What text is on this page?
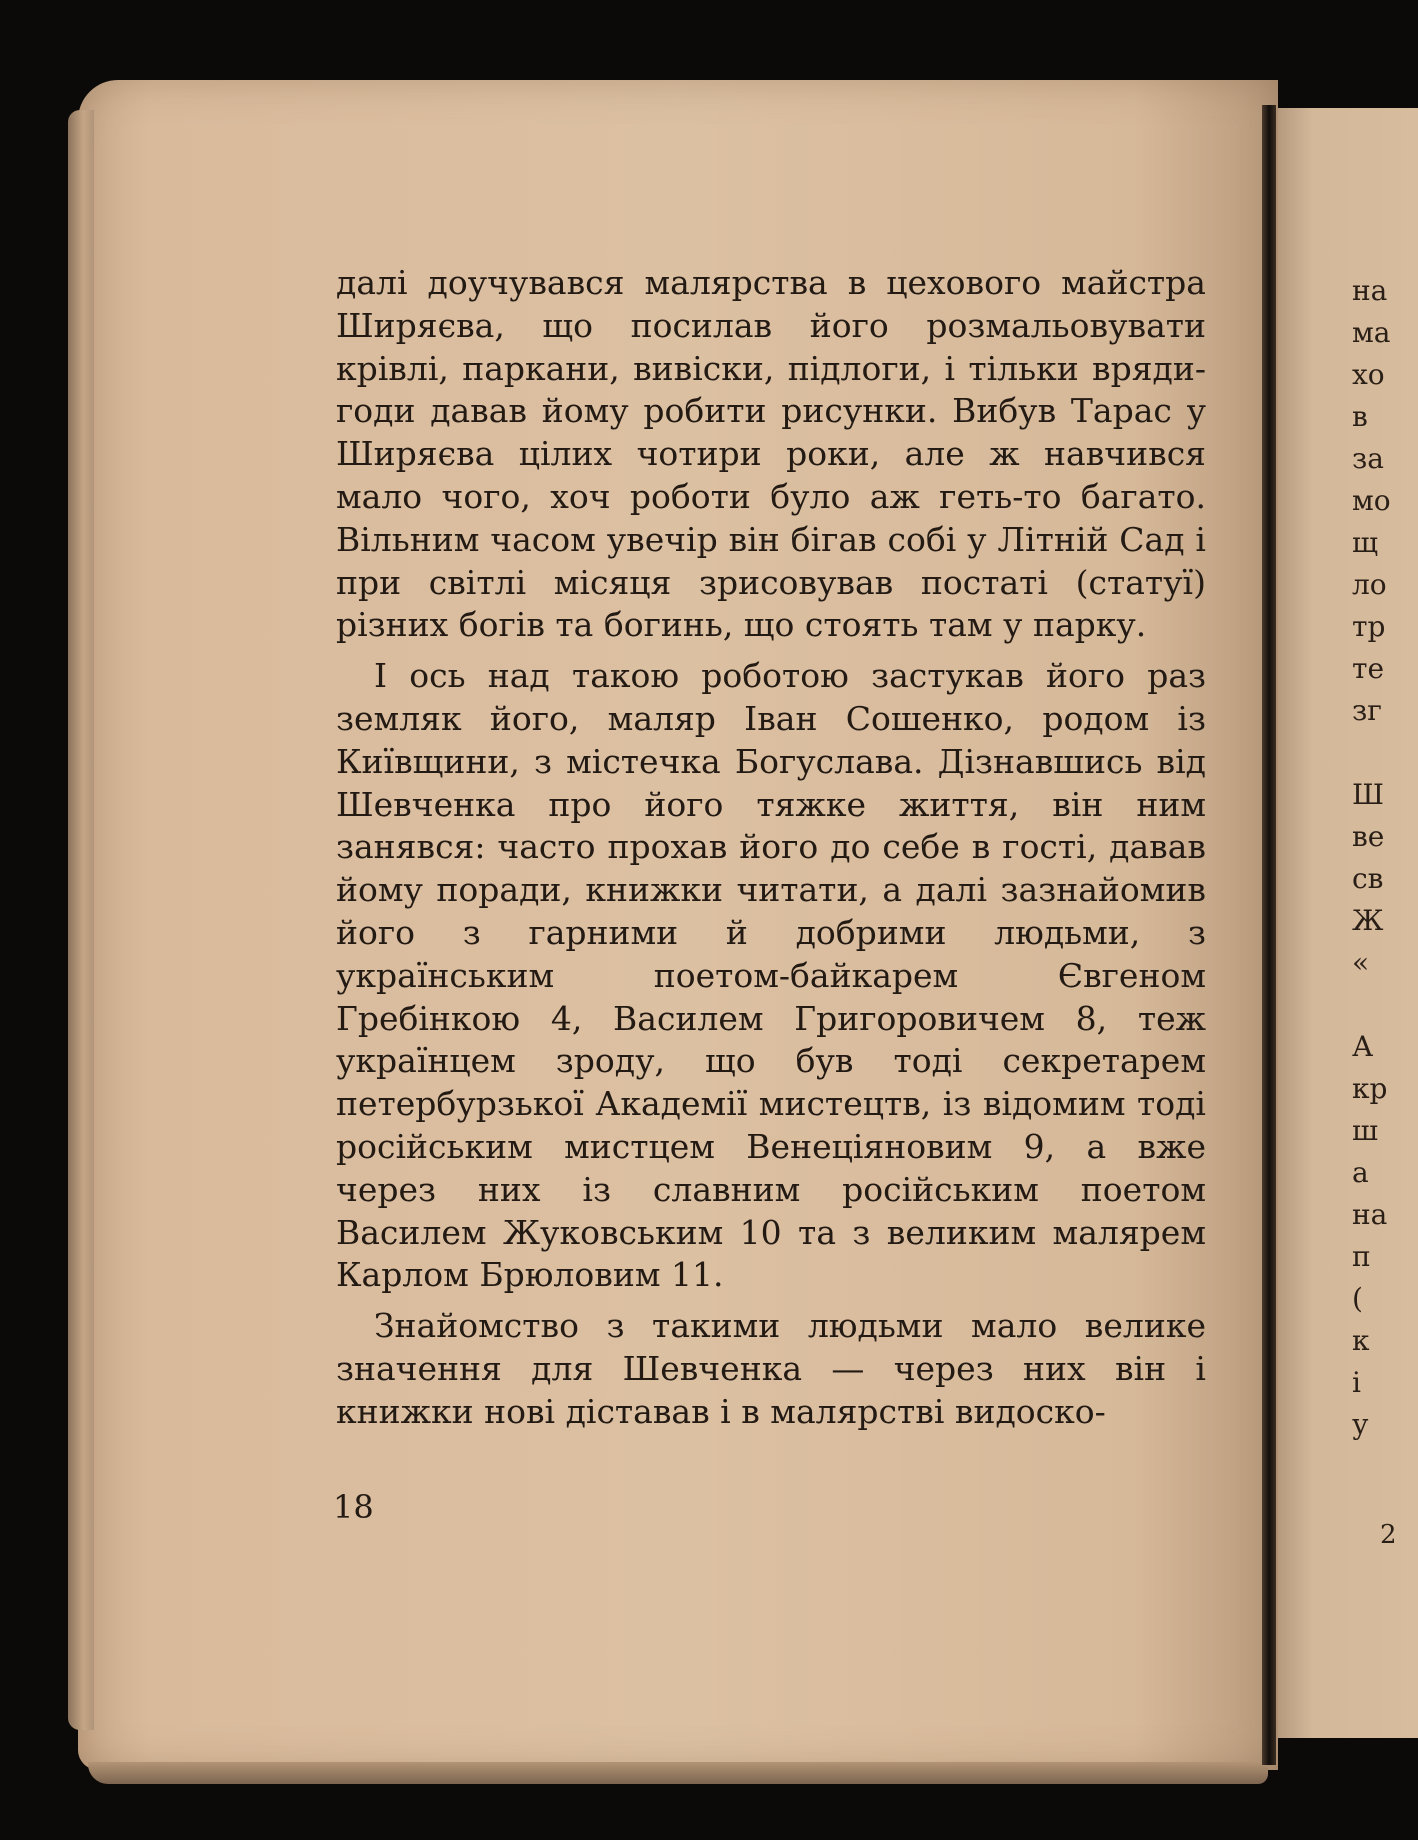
далі доучувався малярства в цехового майстра Ширяєва, що посилав його розмальовувати крівлі, паркани, вивіски, підлоги, і тільки вряди-годи давав йому робити рисунки. Вибув Тарас у Ширяєва цілих чотири роки, але ж навчився мало чого, хоч роботи було аж геть-то багато. Вільним часом увечір він бігав собі у Літній Сад і при світлі місяця зрисовував постаті (статуї) різних богів та богинь, що стоять там у парку.

І ось над такою роботою застукав його раз земляк його, маляр Іван Сошенко, родом із Київщини, з містечка Богуслава. Дізнавшись від Шевченка про його тяжке життя, він ним занявся: часто прохав його до себе в гості, давав йому поради, книжки читати, а далі зазнайомив його з гарними й добрими людьми, з українським поетом-байкарем Євгеном Гребінкою 4, Василем Григоровичем 8, теж українцем зроду, що був тоді секретарем петербурзької Академії мистецтв, із відомим тоді російським мистцем Венеціяновим 9, а вже через них із славним російським поетом Василем Жуковським 10 та з великим малярем Карлом Брюловим 11.

Знайомство з такими людьми мало велике значення для Шевченка — через них він і книжки нові діставав і в малярстві видоско-

18
на
ма
хо
в
за
мо
щ
ло
тр
те
зг

Ш
ве
св
Ж
«

А
кр
ш
а
на
п
(
к
і
у
2
